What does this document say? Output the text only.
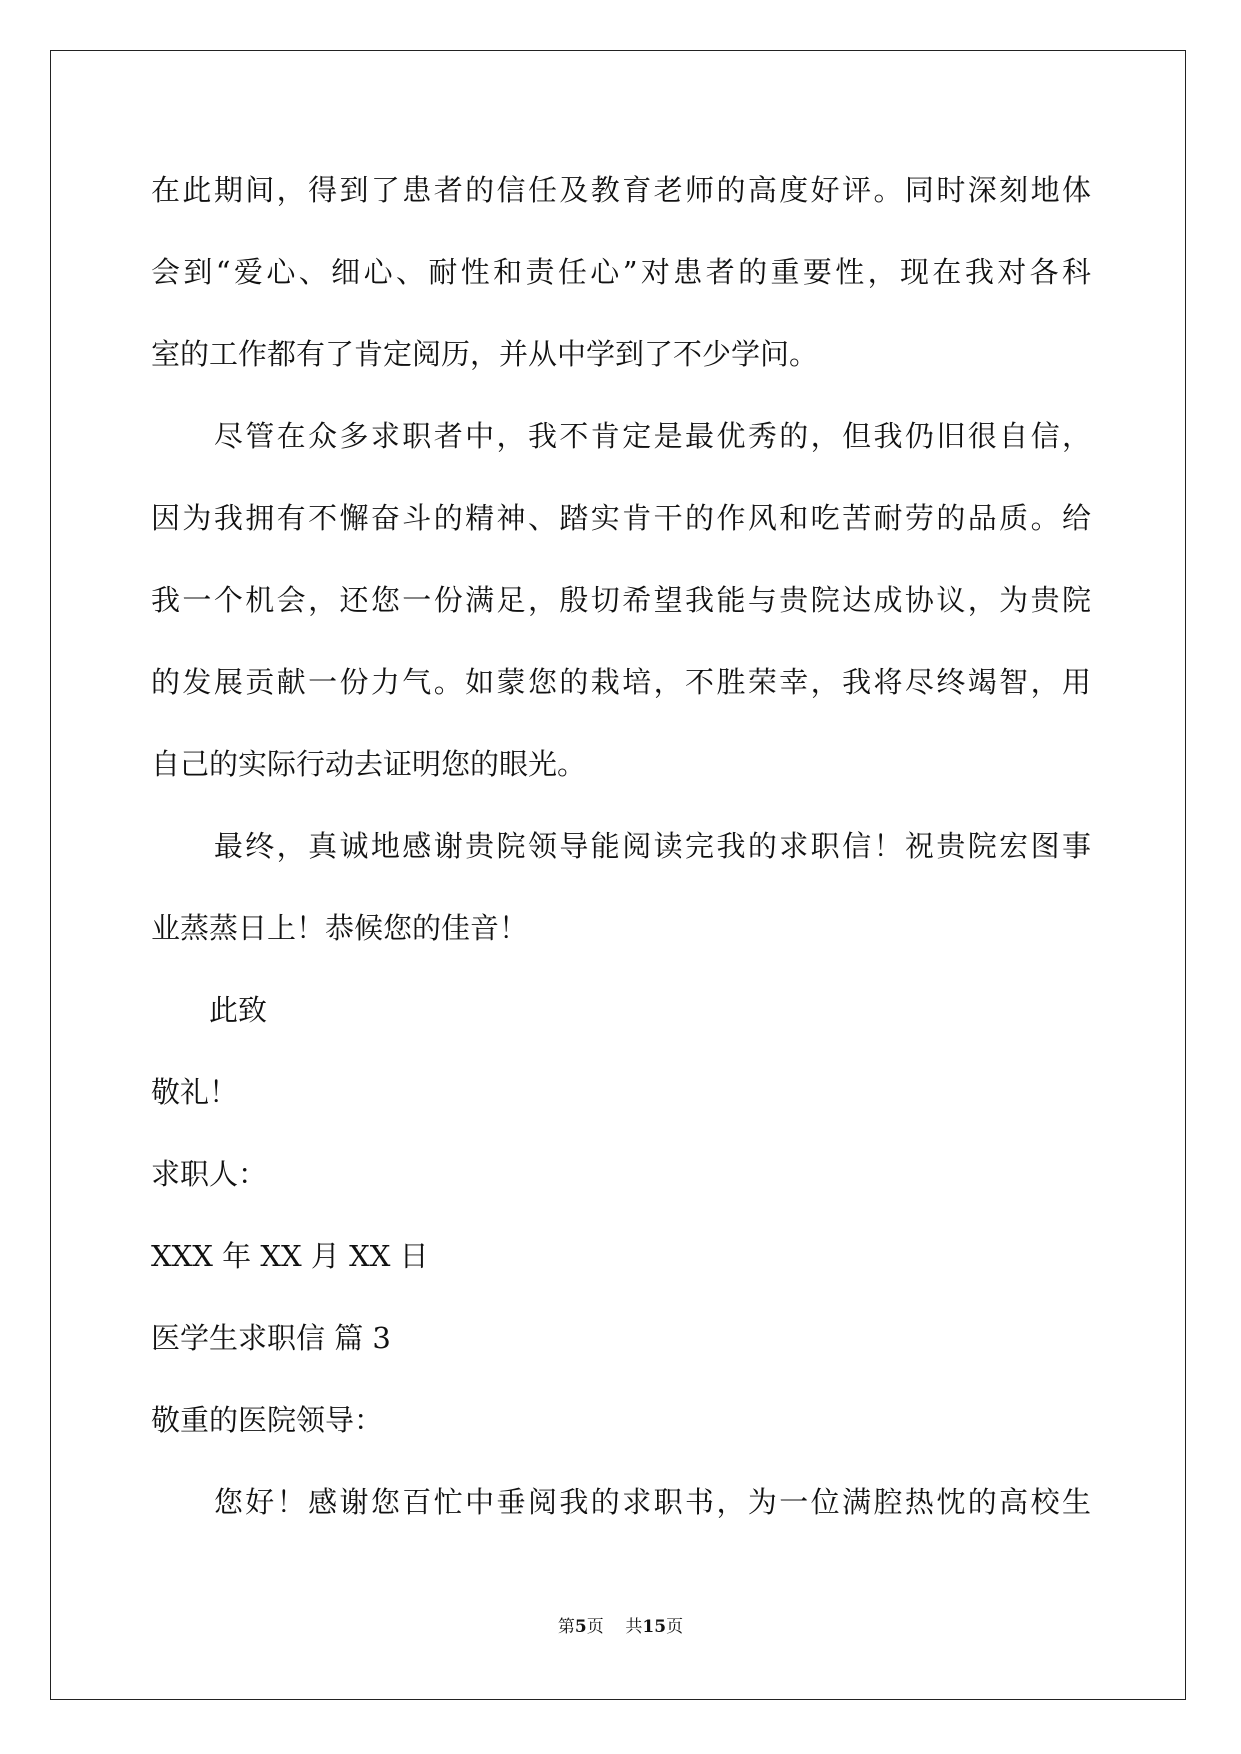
在此期间，得到了患者的信任及教育老师的高度好评。同时深刻地体

会到“爱心、细心、耐性和责任心”对患者的重要性，现在我对各科

室的工作都有了肯定阅历，并从中学到了不少学问。

　　尽管在众多求职者中，我不肯定是最优秀的，但我仍旧很自信，

因为我拥有不懈奋斗的精神、踏实肯干的作风和吃苦耐劳的品质。给

我一个机会，还您一份满足，殷切希望我能与贵院达成协议，为贵院

的发展贡献一份力气。如蒙您的栽培，不胜荣幸，我将尽终竭智，用

自己的实际行动去证明您的眼光。

　　最终，真诚地感谢贵院领导能阅读完我的求职信！祝贵院宏图事

业蒸蒸日上！恭候您的佳音！

　　此致

敬礼！

求职人：

XXX 年 XX 月 XX 日

医学生求职信 篇 3

敬重的医院领导：

　　您好！感谢您百忙中垂阅我的求职书，为一位满腔热忱的高校生

第5页    共15页
